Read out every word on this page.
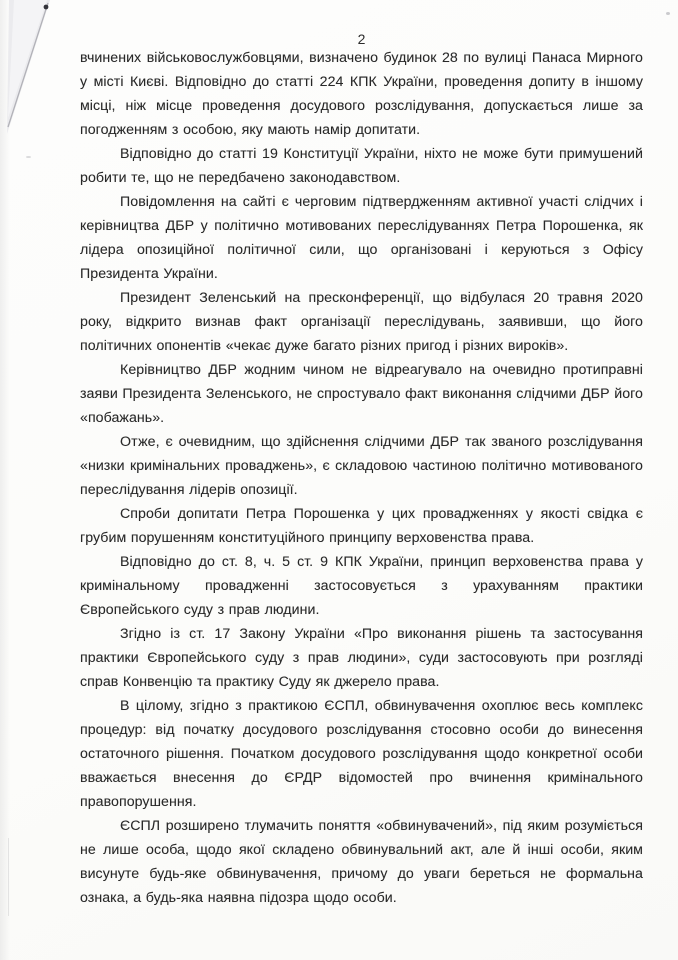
2

вчинених військовослужбовцями, визначено будинок 28 по вулиці Панаса Мирного у місті Києві. Відповідно до статті 224 КПК України, проведення допиту в іншому місці, ніж місце проведення досудового розслідування, допускається лише за погодженням з особою, яку мають намір допитати.

Відповідно до статті 19 Конституції України, ніхто не може бути примушений робити те, що не передбачено законодавством.

Повідомлення на сайті є черговим підтвердженням активної участі слідчих і керівництва ДБР у політично мотивованих переслідуваннях Петра Порошенка, як лідера опозиційної політичної сили, що організовані і керуються з Офісу Президента України.

Президент Зеленський на пресконференції, що відбулася 20 травня 2020 року, відкрито визнав факт організації переслідувань, заявивши, що його політичних опонентів «чекає дуже багато різних пригод і різних вироків».

Керівництво ДБР жодним чином не відреагувало на очевидно протиправні заяви Президента Зеленського, не спростувало факт виконання слідчими ДБР його «побажань».

Отже, є очевидним, що здійснення слідчими ДБР так званого розслідування «низки кримінальних проваджень», є складовою частиною політично мотивованого переслідування лідерів опозиції.

Спроби допитати Петра Порошенка у цих провадженнях у якості свідка є грубим порушенням конституційного принципу верховенства права.

Відповідно до ст. 8, ч. 5 ст. 9 КПК України, принцип верховенства права у кримінальному провадженні застосовується з урахуванням практики Європейського суду з прав людини.

Згідно із ст. 17 Закону України «Про виконання рішень та застосування практики Європейського суду з прав людини», суди застосовують при розгляді справ Конвенцію та практику Суду як джерело права.

В цілому, згідно з практикою ЄСПЛ, обвинувачення охоплює весь комплекс процедур: від початку досудового розслідування стосовно особи до винесення остаточного рішення. Початком досудового розслідування щодо конкретної особи вважається внесення до ЄРДР відомостей про вчинення кримінального правопорушення.

ЄСПЛ розширено тлумачить поняття «обвинувачений», під яким розуміється не лише особа, щодо якої складено обвинувальний акт, але й інші особи, яким висунуте будь-яке обвинувачення, причому до уваги береться не формальна ознака, а будь-яка наявна підозра щодо особи.
